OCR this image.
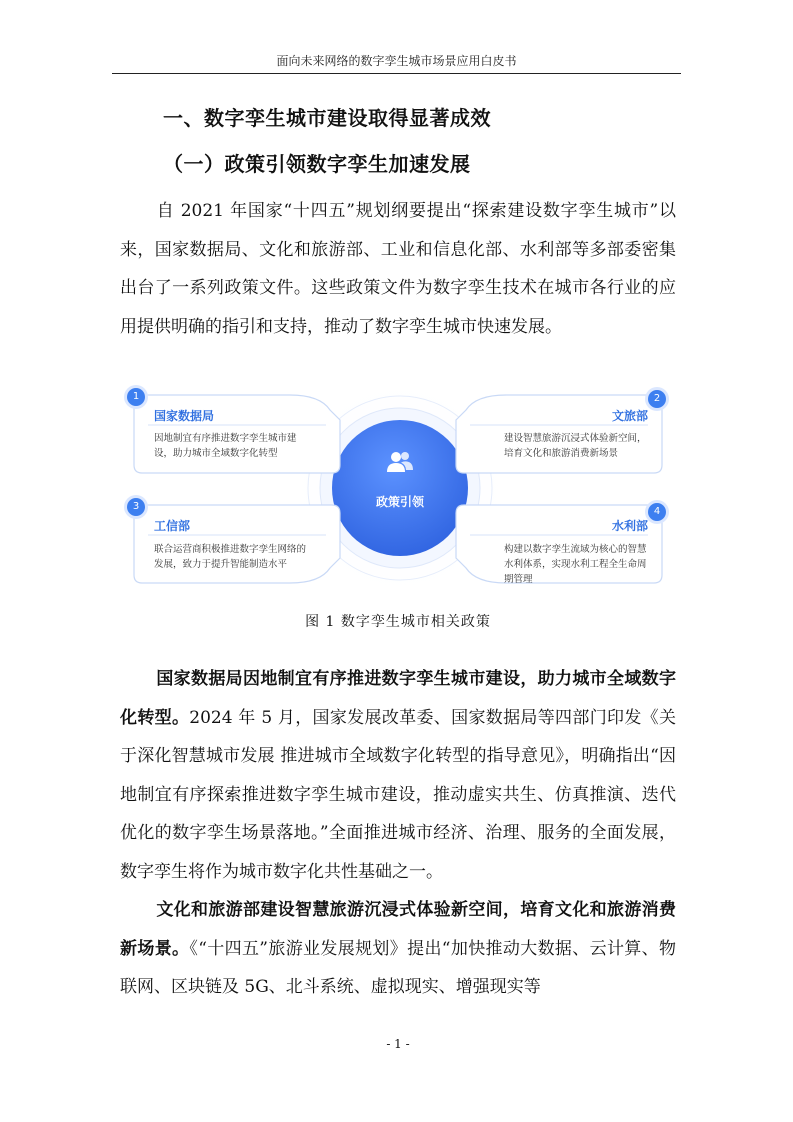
面向未来网络的数字孪生城市场景应用白皮书
一、数字孪生城市建设取得显著成效
（一）政策引领数字孪生加速发展

自 2021 年国家“十四五”规划纲要提出“探索建设数字孪生城市”以来，国家数据局、文化和旅游部、工业和信息化部、水利部等多部委密集出台了一系列政策文件。这些政策文件为数字孪生技术在城市各行业的应用提供明确的指引和支持，推动了数字孪生城市快速发展。

政策引领
1
国家数据局
因地制宜有序推进数字孪生城市建设，助力城市全域数字化转型
2
文旅部
建设智慧旅游沉浸式体验新空间，培育文化和旅游消费新场景
3
工信部
联合运营商积极推进数字孪生网络的发展，致力于提升智能制造水平
4
水利部
构建以数字孪生流域为核心的智慧水利体系，实现水利工程全生命周期管理
图 1 数字孪生城市相关政策

国家数据局因地制宜有序推进数字孪生城市建设，助力城市全域数字化转型。2024 年 5 月，国家发展改革委、国家数据局等四部门印发《关于深化智慧城市发展 推进城市全域数字化转型的指导意见》，明确指出“因地制宜有序探索推进数字孪生城市建设，推动虚实共生、仿真推演、迭代优化的数字孪生场景落地。”全面推进城市经济、治理、服务的全面发展，数字孪生将作为城市数字化共性基础之一。

文化和旅游部建设智慧旅游沉浸式体验新空间，培育文化和旅游消费新场景。《“十四五”旅游业发展规划》提出“加快推动大数据、云计算、物联网、区块链及 5G、北斗系统、虚拟现实、增强现实等

- 1 -
